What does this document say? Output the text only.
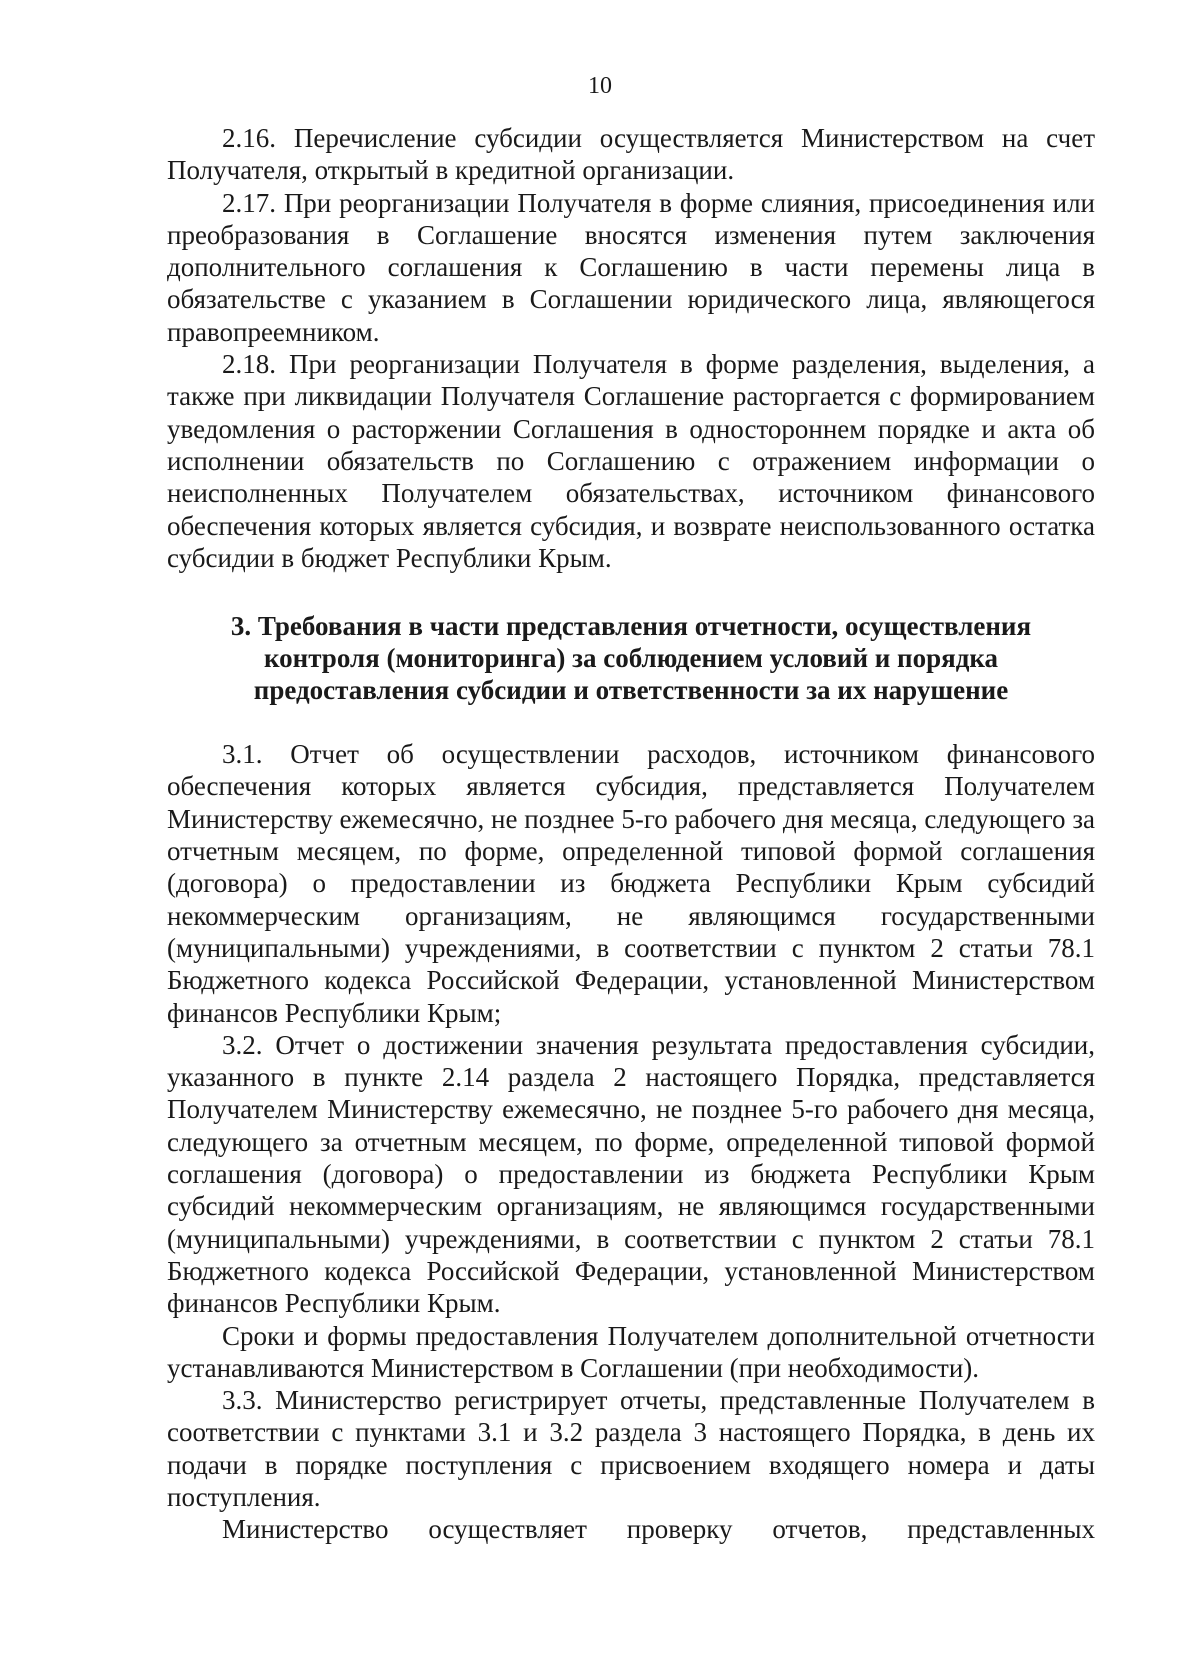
10

2.16. Перечисление субсидии осуществляется Министерством на счет Получателя, открытый в кредитной организации.

2.17. При реорганизации Получателя в форме слияния, присоединения или преобразования в Соглашение вносятся изменения путем заключения дополнительного соглашения к Соглашению в части перемены лица в обязательстве с указанием в Соглашении юридического лица, являющегося правопреемником.

2.18. При реорганизации Получателя в форме разделения, выделения, а также при ликвидации Получателя Соглашение расторгается с формированием уведомления о расторжении Соглашения в одностороннем порядке и акта об исполнении обязательств по Соглашению с отражением информации о неисполненных Получателем обязательствах, источником финансового обеспечения которых является субсидия, и возврате неиспользованного остатка субсидии в бюджет Республики Крым.

3. Требования в части представления отчетности, осуществления
контроля (мониторинга) за соблюдением условий и порядка
предоставления субсидии и ответственности за их нарушение

3.1. Отчет об осуществлении расходов, источником финансового обеспечения которых является субсидия, представляется Получателем Министерству ежемесячно, не позднее 5-го рабочего дня месяца, следующего за отчетным месяцем, по форме, определенной типовой формой соглашения (договора) о предоставлении из бюджета Республики Крым субсидий некоммерческим организациям, не являющимся государственными (муниципальными) учреждениями, в соответствии с пунктом 2 статьи 78.1 Бюджетного кодекса Российской Федерации, установленной Министерством финансов Республики Крым;

3.2. Отчет о достижении значения результата предоставления субсидии, указанного в пункте 2.14 раздела 2 настоящего Порядка, представляется Получателем Министерству ежемесячно, не позднее 5-го рабочего дня месяца, следующего за отчетным месяцем, по форме, определенной типовой формой соглашения (договора) о предоставлении из бюджета Республики Крым субсидий некоммерческим организациям, не являющимся государственными (муниципальными) учреждениями, в соответствии с пунктом 2 статьи 78.1 Бюджетного кодекса Российской Федерации, установленной Министерством финансов Республики Крым.

Сроки и формы предоставления Получателем дополнительной отчетности устанавливаются Министерством в Соглашении (при необходимости).

3.3. Министерство регистрирует отчеты, представленные Получателем в соответствии с пунктами 3.1 и 3.2 раздела 3 настоящего Порядка, в день их подачи в порядке поступления с присвоением входящего номера и даты поступления.

Министерство осуществляет проверку отчетов, представленных
